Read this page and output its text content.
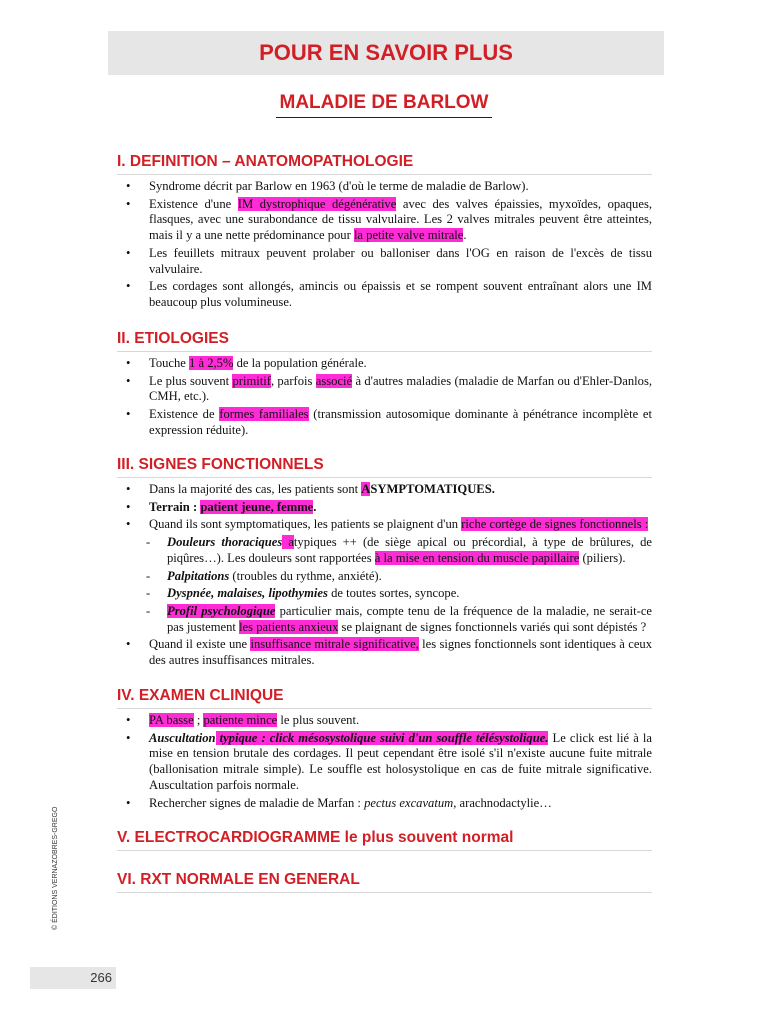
POUR EN SAVOIR PLUS
MALADIE DE BARLOW
I. DEFINITION – ANATOMOPATHOLOGIE
• Syndrome décrit par Barlow en 1963 (d'où le terme de maladie de Barlow).
• Existence d'une IM dystrophique dégénérative avec des valves épaissies, myxoïdes, opaques, flasques, avec une surabondance de tissu valvulaire. Les 2 valves mitrales peuvent être atteintes, mais il y a une nette prédominance pour la petite valve mitrale.
• Les feuillets mitraux peuvent prolaber ou balloniser dans l'OG en raison de l'excès de tissu valvulaire.
• Les cordages sont allongés, amincis ou épaissis et se rompent souvent entraînant alors une IM beaucoup plus volumineuse.
II. ETIOLOGIES
• Touche 1 à 2,5% de la population générale.
• Le plus souvent primitif, parfois associé à d'autres maladies (maladie de Marfan ou d'Ehler-Danlos, CMH, etc.).
• Existence de formes familiales (transmission autosomique dominante à pénétrance incomplète et expression réduite).
III. SIGNES FONCTIONNELS
• Dans la majorité des cas, les patients sont ASYMPTOMATIQUES.
• Terrain : patient jeune, femme.
• Quand ils sont symptomatiques, les patients se plaignent d'un riche cortège de signes fonctionnels :
- Douleurs thoraciques atypiques ++ (de siège apical ou précordial, à type de brûlures, de piqûres…). Les douleurs sont rapportées à la mise en tension du muscle papillaire (piliers).
- Palpitations (troubles du rythme, anxiété).
- Dyspnée, malaises, lipothymies de toutes sortes, syncope.
- Profil psychologique particulier mais, compte tenu de la fréquence de la maladie, ne serait-ce pas justement les patients anxieux se plaignant de signes fonctionnels variés qui sont dépistés ?
• Quand il existe une insuffisance mitrale significative, les signes fonctionnels sont identiques à ceux des autres insuffisances mitrales.
IV. EXAMEN CLINIQUE
• PA basse ; patiente mince le plus souvent.
• Auscultation typique : click mésosystolique suivi d'un souffle télésystolique. Le click est lié à la mise en tension brutale des cordages. Il peut cependant être isolé s'il n'existe aucune fuite mitrale (ballonisation mitrale simple). Le souffle est holosystolique en cas de fuite mitrale significative. Auscultation parfois normale.
• Rechercher signes de maladie de Marfan : pectus excavatum, arachnodactylie…
V. ELECTROCARDIOGRAMME le plus souvent normal
VI. RXT NORMALE EN GENERAL
© ÉDITIONS VERNAZOBRES-GREGO
266
